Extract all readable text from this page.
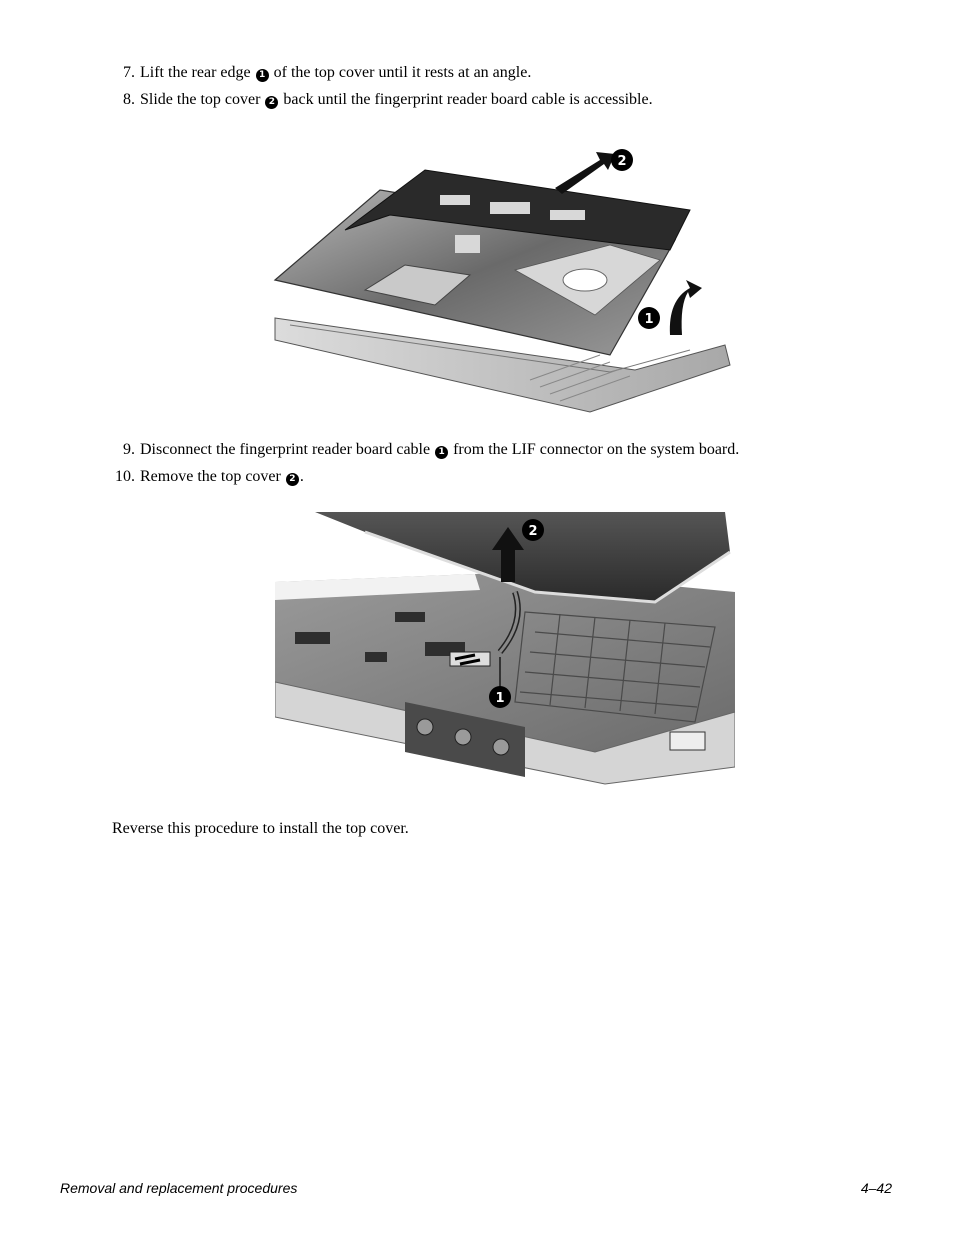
7. Lift the rear edge 1 of the top cover until it rests at an angle.
8. Slide the top cover 2 back until the fingerprint reader board cable is accessible.
2
1
9. Disconnect the fingerprint reader board cable 1 from the LIF connector on the system board.
10. Remove the top cover 2 .
2
1
Reverse this procedure to install the top cover.
Removal and replacement procedures	4–42
